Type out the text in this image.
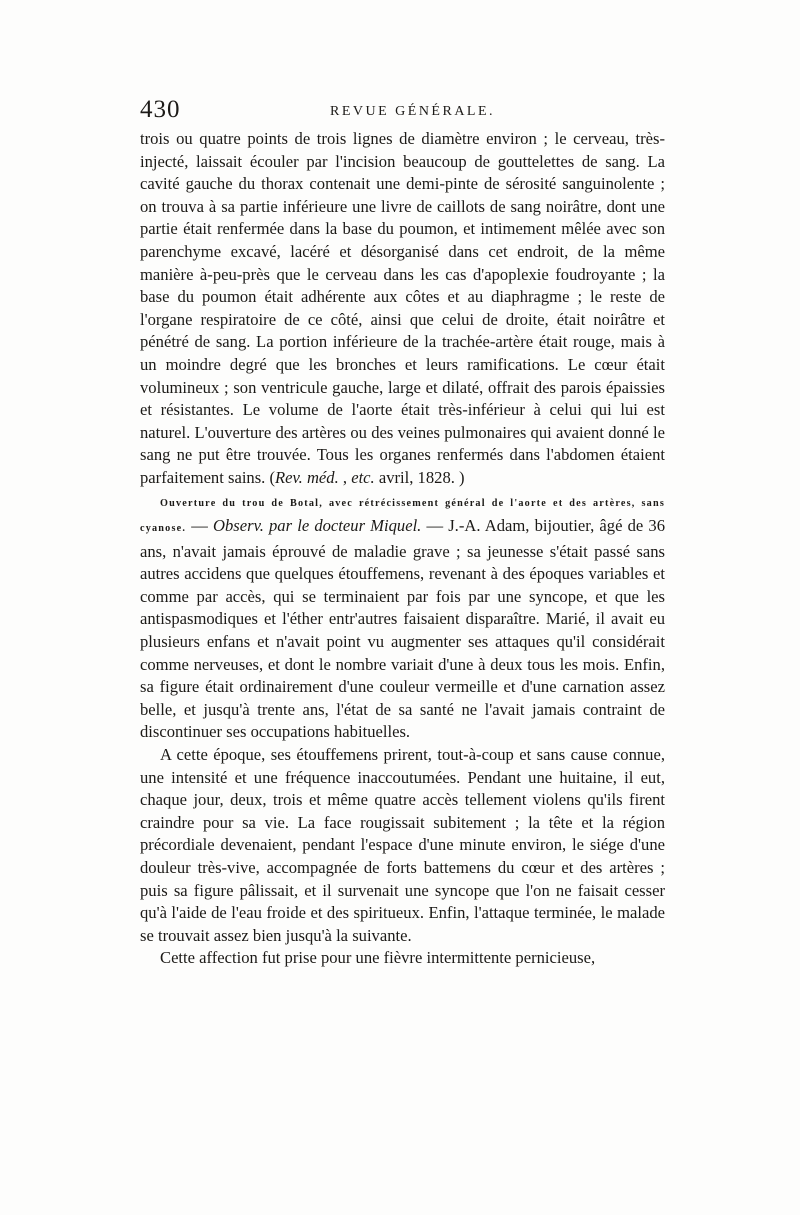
430	REVUE GÉNÉRALE.

trois ou quatre points de trois lignes de diamètre environ ; le cerveau, très-injecté, laissait écouler par l'incision beaucoup de gouttelettes de sang. La cavité gauche du thorax contenait une demi-pinte de sérosité sanguinolente ; on trouva à sa partie inférieure une livre de caillots de sang noirâtre, dont une partie était renfermée dans la base du poumon, et intimement mêlée avec son parenchyme excavé, lacéré et désorganisé dans cet endroit, de la même manière à-peu-près que le cerveau dans les cas d'apoplexie foudroyante ; la base du poumon était adhérente aux côtes et au diaphragme ; le reste de l'organe respiratoire de ce côté, ainsi que celui de droite, était noirâtre et pénétré de sang. La portion inférieure de la trachée-artère était rouge, mais à un moindre degré que les bronches et leurs ramifications. Le cœur était volumineux ; son ventricule gauche, large et dilaté, offrait des parois épaissies et résistantes. Le volume de l'aorte était très-inférieur à celui qui lui est naturel. L'ouverture des artères ou des veines pulmonaires qui avaient donné le sang ne put être trouvée. Tous les organes renfermés dans l'abdomen étaient parfaitement sains. (Rev. méd. , etc. avril, 1828. )

Ouverture du trou de Botal, avec rétrécissement général de l'aorte et des artères, sans cyanose. — Observ. par le docteur Miquel. — J.-A. Adam, bijoutier, âgé de 36 ans, n'avait jamais éprouvé de maladie grave ; sa jeunesse s'était passé sans autres accidens que quelques étouffemens, revenant à des époques variables et comme par accès, qui se terminaient par fois par une syncope, et que les antispasmodiques et l'éther entr'autres faisaient disparaître. Marié, il avait eu plusieurs enfans et n'avait point vu augmenter ses attaques qu'il considérait comme nerveuses, et dont le nombre variait d'une à deux tous les mois. Enfin, sa figure était ordinairement d'une couleur vermeille et d'une carnation assez belle, et jusqu'à trente ans, l'état de sa santé ne l'avait jamais contraint de discontinuer ses occupations habituelles.

A cette époque, ses étouffemens prirent, tout-à-coup et sans cause connue, une intensité et une fréquence inaccoutumées. Pendant une huitaine, il eut, chaque jour, deux, trois et même quatre accès tellement violens qu'ils firent craindre pour sa vie. La face rougissait subitement ; la tête et la région précordiale devenaient, pendant l'espace d'une minute environ, le siége d'une douleur très-vive, accompagnée de forts battemens du cœur et des artères ; puis sa figure pâlissait, et il survenait une syncope que l'on ne faisait cesser qu'à l'aide de l'eau froide et des spiritueux. Enfin, l'attaque terminée, le malade se trouvait assez bien jusqu'à la suivante.

Cette affection fut prise pour une fièvre intermittente pernicieuse,
